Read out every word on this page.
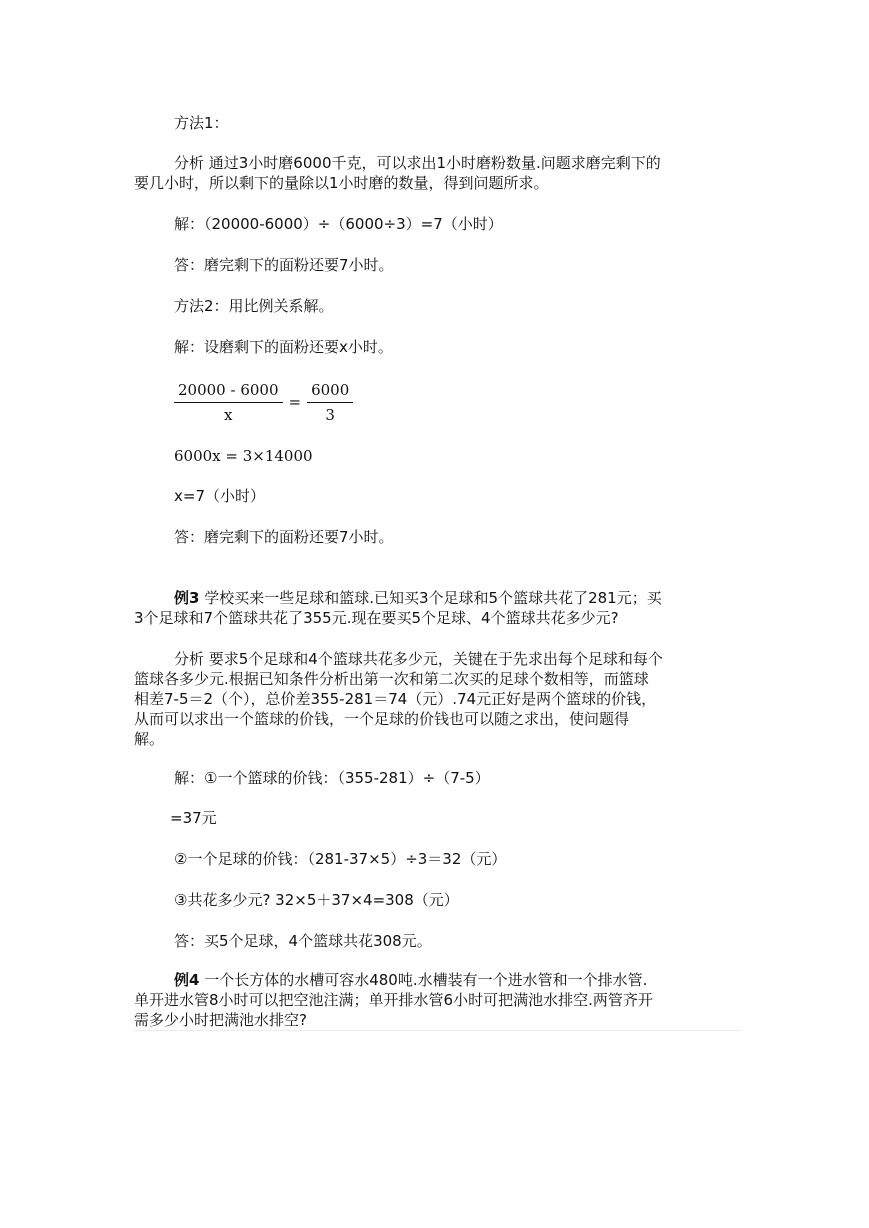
方法1：
分析 通过3小时磨6000千克，可以求出1小时磨粉数量.问题求磨完剩下的
要几小时，所以剩下的量除以1小时磨的数量，得到问题所求。
解：（20000-6000）÷（6000÷3）=7（小时）
答：磨完剩下的面粉还要7小时。
方法2：用比例关系解。
解：设磨剩下的面粉还要x小时。
$\frac{20000 - 6000}{x} = \frac{6000}{3}$
6000x = 3×14000
x=7（小时）
答：磨完剩下的面粉还要7小时。
例3 学校买来一些足球和篮球.已知买3个足球和5个篮球共花了281元；买
3个足球和7个篮球共花了355元.现在要买5个足球、4个篮球共花多少元?
分析 要求5个足球和4个篮球共花多少元，关键在于先求出每个足球和每个
篮球各多少元.根据已知条件分析出第一次和第二次买的足球个数相等，而篮球
相差7-5＝2（个），总价差355-281＝74（元）.74元正好是两个篮球的价钱，
从而可以求出一个篮球的价钱，一个足球的价钱也可以随之求出，使问题得
解。
解：①一个篮球的价钱：（355-281）÷（7-5）
=37元
②一个足球的价钱：（281-37×5）÷3＝32（元）
③共花多少元? 32×5＋37×4=308（元）
答：买5个足球，4个篮球共花308元。
例4 一个长方体的水槽可容水480吨.水槽装有一个进水管和一个排水管.
单开进水管8小时可以把空池注满；单开排水管6小时可把满池水排空.两管齐开
需多少小时把满池水排空?
